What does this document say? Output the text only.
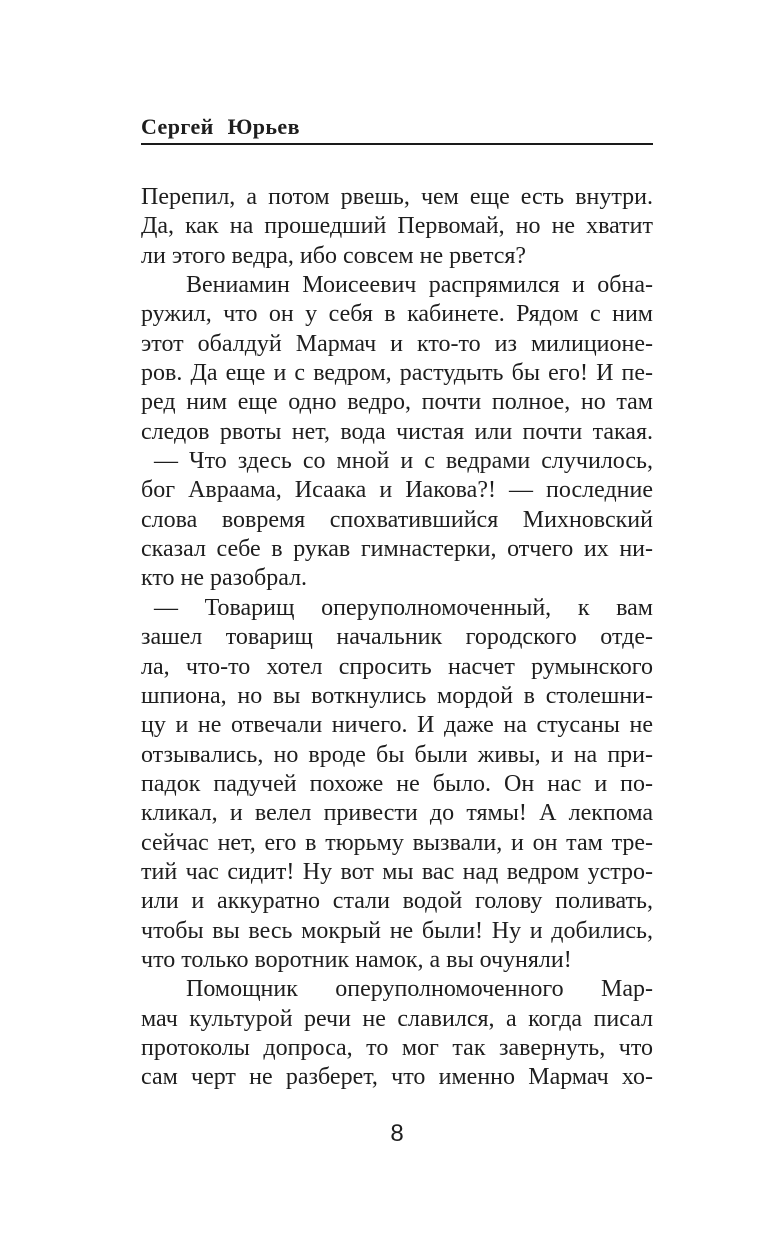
Сергей Юрьев
Перепил, а потом рвешь, чем еще есть внутри.
Да, как на прошедший Первомай, но не хватит
ли этого ведра, ибо совсем не рвется?
Вениамин Моисеевич распрямился и обна-
ружил, что он у себя в кабинете. Рядом с ним
этот обалдуй Мармач и кто-то из милиционе-
ров. Да еще и с ведром, растудыть бы его! И пе-
ред ним еще одно ведро, почти полное, но там
следов рвоты нет, вода чистая или почти такая.
— Что здесь со мной и с ведрами случилось,
бог Авраама, Исаака и Иакова?! — последние
слова вовремя спохватившийся Михновский
сказал себе в рукав гимнастерки, отчего их ни-
кто не разобрал.
— Товарищ оперуполномоченный, к вам
зашел товарищ начальник городского отде-
ла, что-то хотел спросить насчет румынского
шпиона, но вы воткнулись мордой в столешни-
цу и не отвечали ничего. И даже на стусаны не
отзывались, но вроде бы были живы, и на при-
падок падучей похоже не было. Он нас и по-
кликал, и велел привести до тямы! А лекпома
сейчас нет, его в тюрьму вызвали, и он там тре-
тий час сидит! Ну вот мы вас над ведром устро-
или и аккуратно стали водой голову поливать,
чтобы вы весь мокрый не были! Ну и добились,
что только воротник намок, а вы очуняли!
Помощник оперуполномоченного Мар-
мач культурой речи не славился, а когда писал
протоколы допроса, то мог так завернуть, что
сам черт не разберет, что именно Мармач хо-
8
